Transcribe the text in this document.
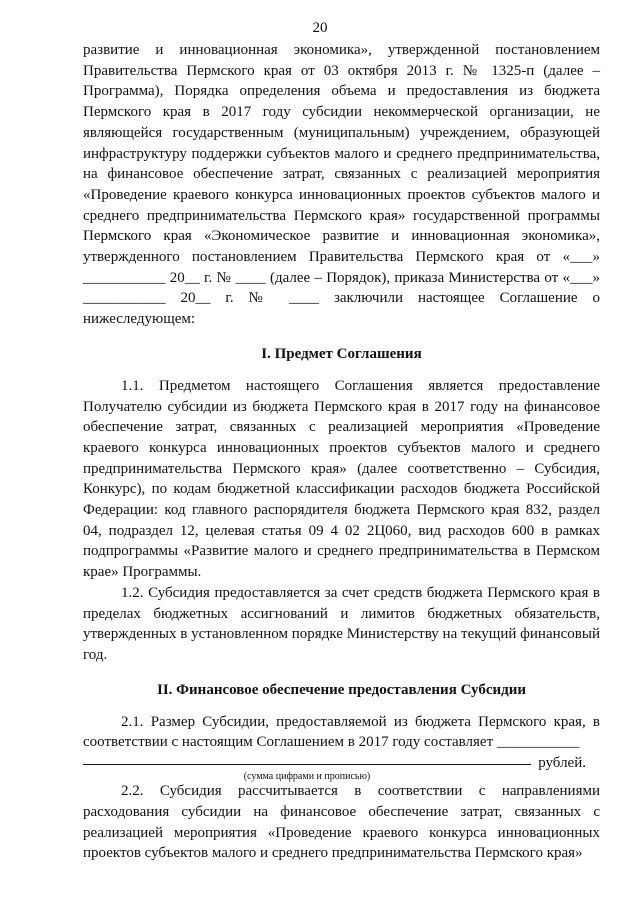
20

развитие и инновационная экономика», утвержденной постановлением Правительства Пермского края от 03 октября 2013 г. № 1325-п (далее – Программа), Порядка определения объема и предоставления из бюджета Пермского края в 2017 году субсидии некоммерческой организации, не являющейся государственным (муниципальным) учреждением, образующей инфраструктуру поддержки субъектов малого и среднего предпринимательства, на финансовое обеспечение затрат, связанных с реализацией мероприятия «Проведение краевого конкурса инновационных проектов субъектов малого и среднего предпринимательства Пермского края» государственной программы Пермского края «Экономическое развитие и инновационная экономика», утвержденного постановлением Правительства Пермского края от «___» ___________ 20__ г. № ____ (далее – Порядок), приказа Министерства от «___» ___________ 20__ г. № ____ заключили настоящее Соглашение о нижеследующем:

I. Предмет Соглашения

1.1. Предметом настоящего Соглашения является предоставление Получателю субсидии из бюджета Пермского края в 2017 году на финансовое обеспечение затрат, связанных с реализацией мероприятия «Проведение краевого конкурса инновационных проектов субъектов малого и среднего предпринимательства Пермского края» (далее соответственно – Субсидия, Конкурс), по кодам бюджетной классификации расходов бюджета Российской Федерации: код главного распорядителя бюджета Пермского края 832, раздел 04, подраздел 12, целевая статья 09 4 02 2Ц060, вид расходов 600 в рамках подпрограммы «Развитие малого и среднего предпринимательства в Пермском крае» Программы.

1.2. Субсидия предоставляется за счет средств бюджета Пермского края в пределах бюджетных ассигнований и лимитов бюджетных обязательств, утвержденных в установленном порядке Министерству на текущий финансовый год.

II. Финансовое обеспечение предоставления Субсидии

2.1. Размер Субсидии, предоставляемой из бюджета Пермского края, в соответствии с настоящим Соглашением в 2017 году составляет ___________

рублей.
(сумма цифрами и прописью)

2.2. Субсидия рассчитывается в соответствии с направлениями расходования субсидии на финансовое обеспечение затрат, связанных с реализацией мероприятия «Проведение краевого конкурса инновационных проектов субъектов малого и среднего предпринимательства Пермского края»
